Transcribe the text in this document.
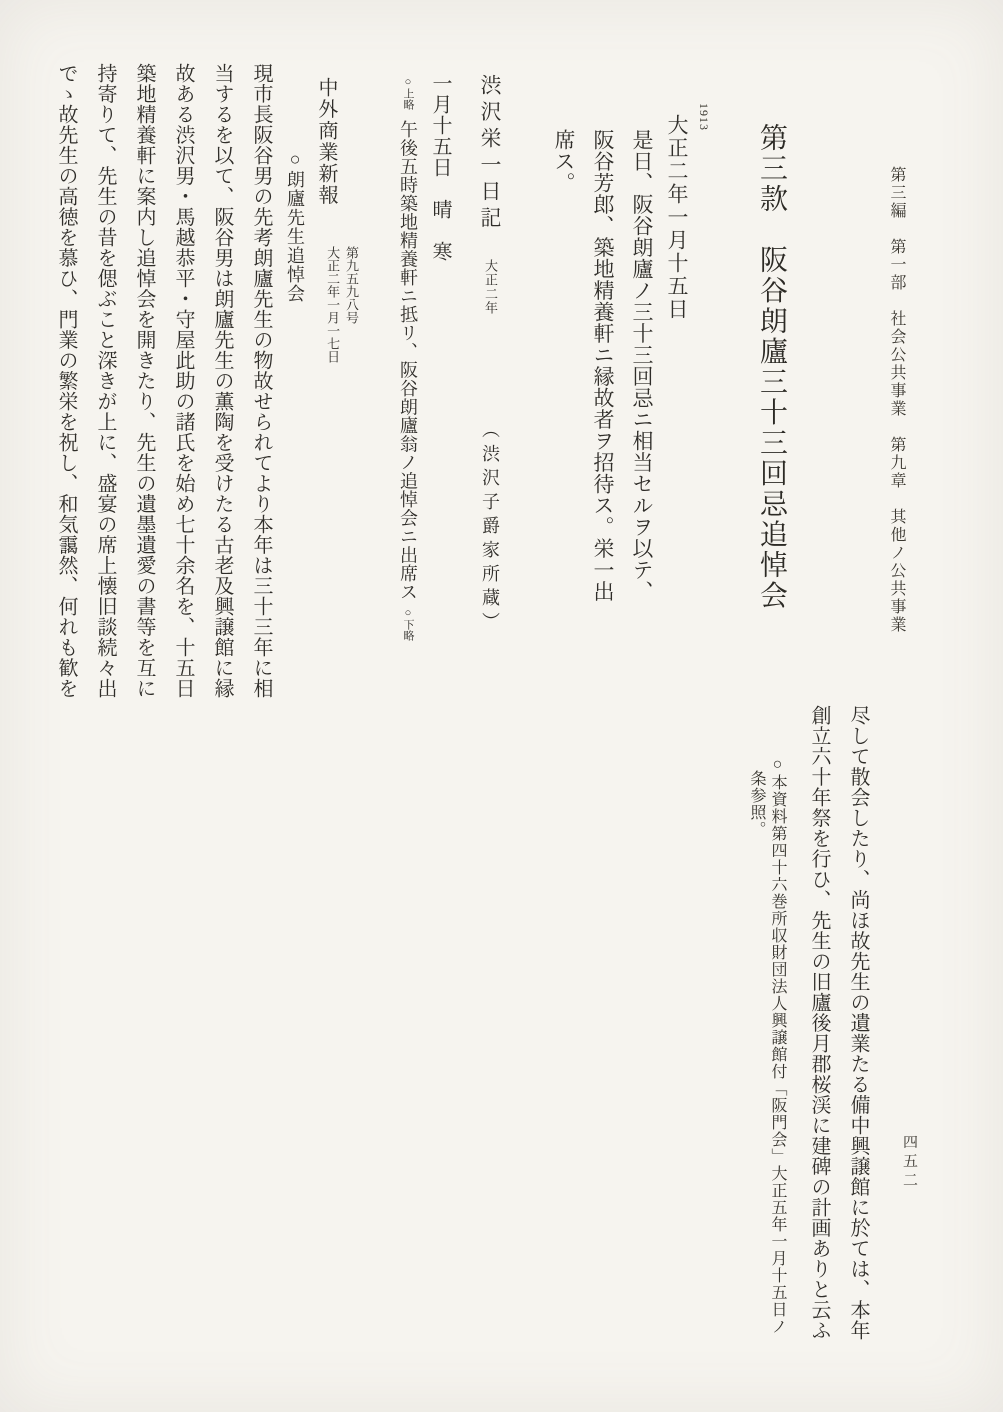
第三編　第一部　社会公共事業　第九章　其他ノ公共事業
第三款　阪谷朗廬三十三回忌追悼会
1913
大正二年一月十五日
是日、阪谷朗廬ノ三十三回忌ニ相当セルヲ以テ、
阪谷芳郎、築地精養軒ニ縁故者ヲ招待ス。栄一出
席ス。
渋沢栄一日記大正二年
（渋沢子爵家所蔵）
一月十五日　晴　寒
○上略午後五時築地精養軒ニ抵リ、阪谷朗廬翁ノ追悼会ニ出席ス○下略
中外商業新報
第九五九八号
大正二年一月一七日
○朗廬先生追悼会
現市長阪谷男の先考朗廬先生の物故せられてより本年は三十三年に相
当するを以て、阪谷男は朗廬先生の薫陶を受けたる古老及興譲館に縁
故ある渋沢男・馬越恭平・守屋此助の諸氏を始め七十余名を、十五日
築地精養軒に案内し追悼会を開きたり、先生の遺墨遺愛の書等を互に
持寄りて、先生の昔を偲ぶこと深きが上に、盛宴の席上懐旧談続々出
でゝ故先生の高徳を慕ひ、門業の繁栄を祝し、和気靄然、何れも歓を
尽して散会したり、尚ほ故先生の遺業たる備中興譲館に於ては、本年
創立六十年祭を行ひ、先生の旧廬後月郡桜渓に建碑の計画ありと云ふ
○本資料第四十六巻所収財団法人興譲館付「阪門会」大正五年一月十五日ノ
条参照。
四五二
